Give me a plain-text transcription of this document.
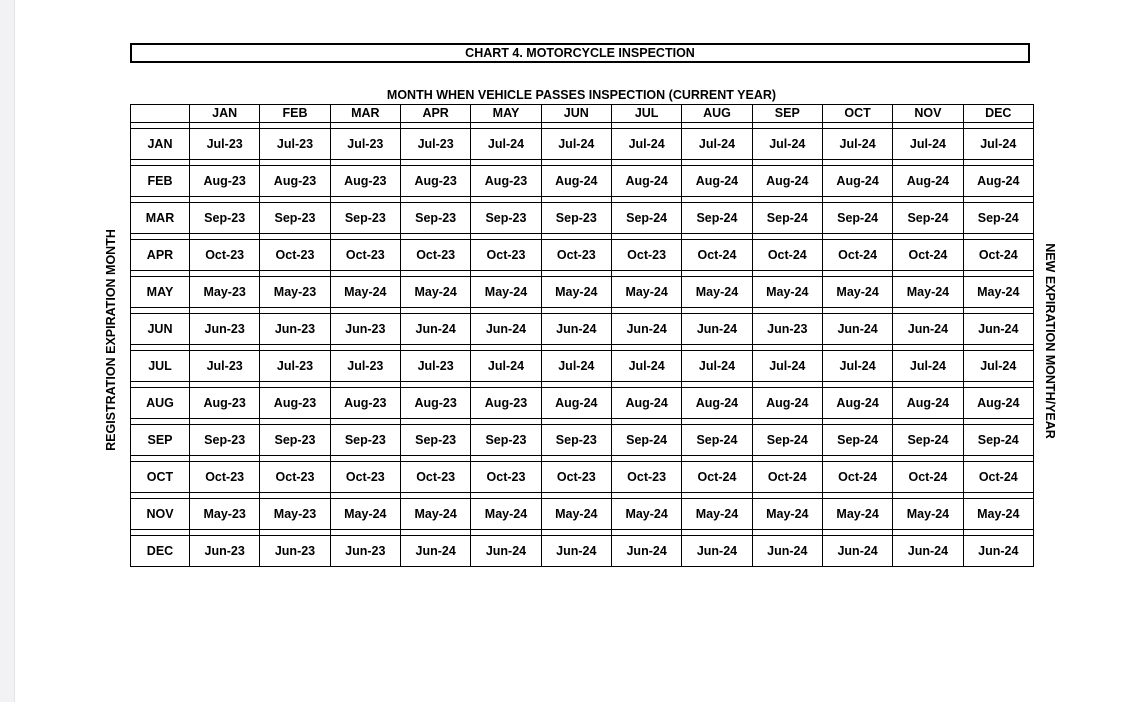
CHART 4. MOTORCYCLE INSPECTION
MONTH WHEN VEHICLE PASSES INSPECTION (CURRENT YEAR)
REGISTRATION EXPIRATION MONTH	NEW EXPIRATION MONTH/YEAR
	JAN	FEB	MAR	APR	MAY	JUN	JUL	AUG	SEP	OCT	NOV	DEC

JAN	Jul-23	Jul-23	Jul-23	Jul-23	Jul-24	Jul-24	Jul-24	Jul-24	Jul-24	Jul-24	Jul-24	Jul-24

FEB	Aug-23	Aug-23	Aug-23	Aug-23	Aug-23	Aug-24	Aug-24	Aug-24	Aug-24	Aug-24	Aug-24	Aug-24

MAR	Sep-23	Sep-23	Sep-23	Sep-23	Sep-23	Sep-23	Sep-24	Sep-24	Sep-24	Sep-24	Sep-24	Sep-24

APR	Oct-23	Oct-23	Oct-23	Oct-23	Oct-23	Oct-23	Oct-23	Oct-24	Oct-24	Oct-24	Oct-24	Oct-24

MAY	May-23	May-23	May-24	May-24	May-24	May-24	May-24	May-24	May-24	May-24	May-24	May-24

JUN	Jun-23	Jun-23	Jun-23	Jun-24	Jun-24	Jun-24	Jun-24	Jun-24	Jun-23	Jun-24	Jun-24	Jun-24

JUL	Jul-23	Jul-23	Jul-23	Jul-23	Jul-24	Jul-24	Jul-24	Jul-24	Jul-24	Jul-24	Jul-24	Jul-24

AUG	Aug-23	Aug-23	Aug-23	Aug-23	Aug-23	Aug-24	Aug-24	Aug-24	Aug-24	Aug-24	Aug-24	Aug-24

SEP	Sep-23	Sep-23	Sep-23	Sep-23	Sep-23	Sep-23	Sep-24	Sep-24	Sep-24	Sep-24	Sep-24	Sep-24

OCT	Oct-23	Oct-23	Oct-23	Oct-23	Oct-23	Oct-23	Oct-23	Oct-24	Oct-24	Oct-24	Oct-24	Oct-24

NOV	May-23	May-23	May-24	May-24	May-24	May-24	May-24	May-24	May-24	May-24	May-24	May-24

DEC	Jun-23	Jun-23	Jun-23	Jun-24	Jun-24	Jun-24	Jun-24	Jun-24	Jun-24	Jun-24	Jun-24	Jun-24
